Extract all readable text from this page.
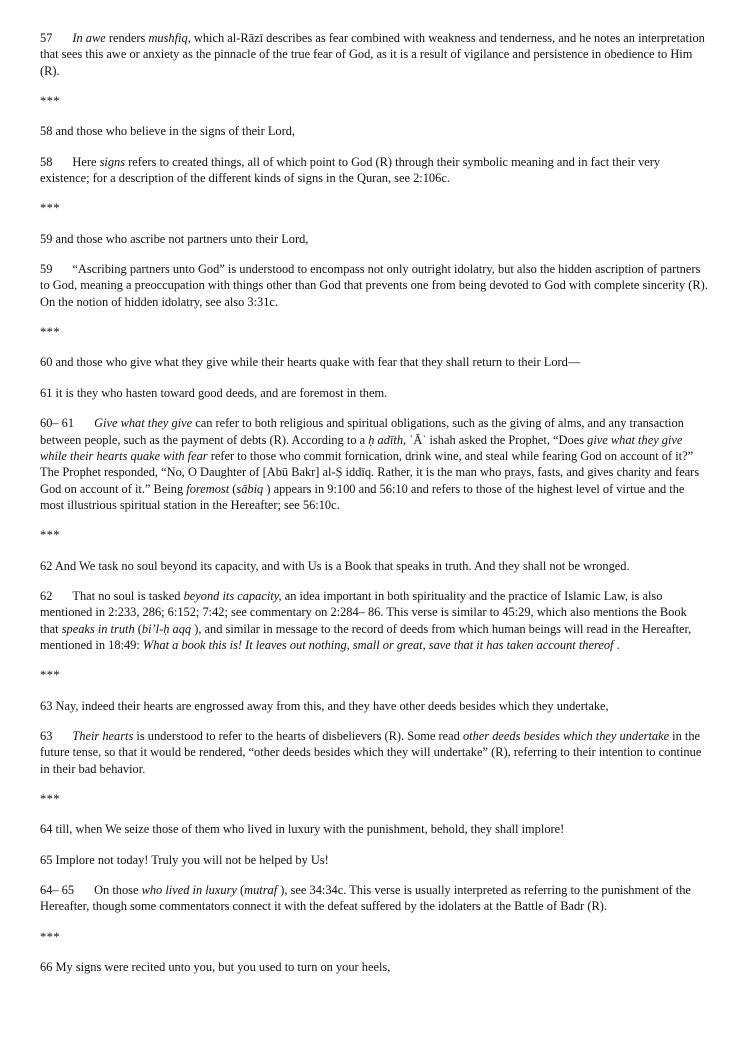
57 In awe renders mushfiq, which al-Rāzī describes as fear combined with weakness and tenderness, and he notes an interpretation that sees this awe or anxiety as the pinnacle of the true fear of God, as it is a result of vigilance and persistence in obedience to Him (R).
***
58 and those who believe in the signs of their Lord,
58 Here signs refers to created things, all of which point to God (R) through their symbolic meaning and in fact their very existence; for a description of the different kinds of signs in the Quran, see 2:106c.
***
59 and those who ascribe not partners unto their Lord,
59 “Ascribing partners unto God” is understood to encompass not only outright idolatry, but also the hidden ascription of partners to God, meaning a preoccupation with things other than God that prevents one from being devoted to God with complete sincerity (R). On the notion of hidden idolatry, see also 3:31c.
***
60 and those who give what they give while their hearts quake with fear that they shall return to their Lord—
61 it is they who hasten toward good deeds, and are foremost in them.
60– 61 Give what they give can refer to both religious and spiritual obligations, such as the giving of alms, and any transaction between people, such as the payment of debts (R). According to a ḥ adīth, ʿĀʾ ishah asked the Prophet, “Does give what they give while their hearts quake with fear refer to those who commit fornication, drink wine, and steal while fearing God on account of it?” The Prophet responded, “No, O Daughter of [Abū Bakr] al-Ṣ iddīq. Rather, it is the man who prays, fasts, and gives charity and fears God on account of it.” Being foremost (sābiq ) appears in 9:100 and 56:10 and refers to those of the highest level of virtue and the most illustrious spiritual station in the Hereafter; see 56:10c.
***
62 And We task no soul beyond its capacity, and with Us is a Book that speaks in truth. And they shall not be wronged.
62 That no soul is tasked beyond its capacity, an idea important in both spirituality and the practice of Islamic Law, is also mentioned in 2:233, 286; 6:152; 7:42; see commentary on 2:284– 86. This verse is similar to 45:29, which also mentions the Book that speaks in truth (bi’l-ḥ aqq ), and similar in message to the record of deeds from which human beings will read in the Hereafter, mentioned in 18:49: What a book this is! It leaves out nothing, small or great, save that it has taken account thereof .
***
63 Nay, indeed their hearts are engrossed away from this, and they have other deeds besides which they undertake,
63 Their hearts is understood to refer to the hearts of disbelievers (R). Some read other deeds besides which they undertake in the future tense, so that it would be rendered, “other deeds besides which they will undertake” (R), referring to their intention to continue in their bad behavior.
***
64 till, when We seize those of them who lived in luxury with the punishment, behold, they shall implore!
65 Implore not today! Truly you will not be helped by Us!
64– 65 On those who lived in luxury (mutraf ), see 34:34c. This verse is usually interpreted as referring to the punishment of the Hereafter, though some commentators connect it with the defeat suffered by the idolaters at the Battle of Badr (R).
***
66 My signs were recited unto you, but you used to turn on your heels,
